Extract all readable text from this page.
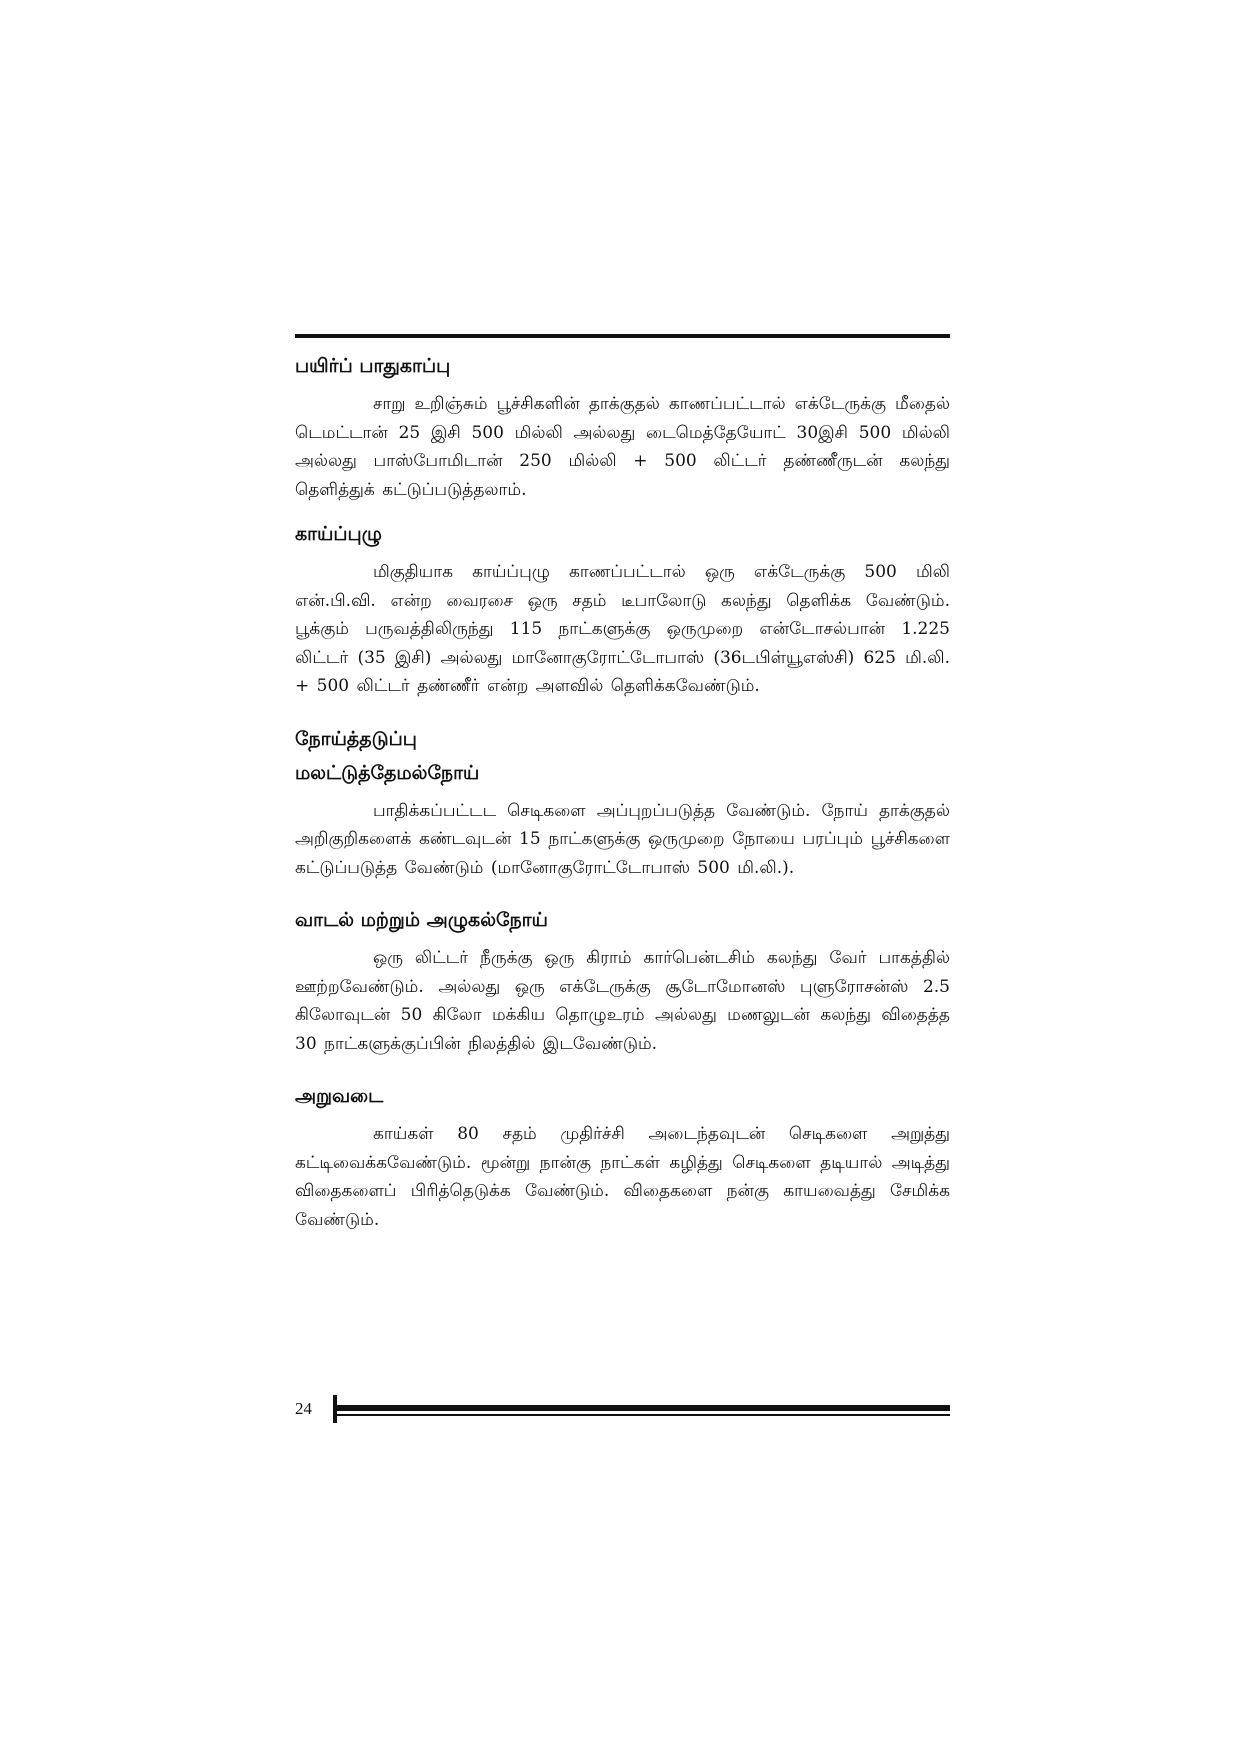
பயிர்ப் பாதுகாப்பு

சாறு உறிஞ்சும் பூச்சிகளின் தாக்குதல் காணப்பட்டால் எக்டேருக்கு மீதைல் டெமட்டான் 25 இசி 500 மில்லி அல்லது டைமெத்தேயோட் 30இசி 500 மில்லி அல்லது பாஸ்போமிடான் 250 மில்லி + 500 லிட்டர் தண்ணீருடன் கலந்து தெளித்துக் கட்டுப்படுத்தலாம்.

காய்ப்புழு

மிகுதியாக காய்ப்புழு காணப்பட்டால் ஒரு எக்டேருக்கு 500 மிலி என்.பி.வி. என்ற வைரசை ஒரு சதம் டீபாலோடு கலந்து தெளிக்க வேண்டும். பூக்கும் பருவத்திலிருந்து 115 நாட்களுக்கு ஒருமுறை என்டோசல்பான் 1.225 லிட்டர் (35 இசி) அல்லது மானோகுரோட்டோபாஸ் (36டபிள்யூஎஸ்சி) 625 மி.லி. + 500 லிட்டர் தண்ணீர் என்ற அளவில் தெளிக்கவேண்டும்.

நோய்த்தடுப்பு
மலட்டுத்தேமல்நோய்

பாதிக்கப்பட்டட செடிகளை அப்புறப்படுத்த வேண்டும். நோய் தாக்குதல் அறிகுறிகளைக் கண்டவுடன் 15 நாட்களுக்கு ஒருமுறை நோயை பரப்பும் பூச்சிகளை கட்டுப்படுத்த வேண்டும் (மானோகுரோட்டோபாஸ் 500 மி.லி.).

வாடல் மற்றும் அழுகல்நோய்

ஒரு லிட்டர் நீருக்கு ஒரு கிராம் கார்பென்டசிம் கலந்து வேர் பாகத்தில் ஊற்றவேண்டும். அல்லது ஒரு எக்டேருக்கு சூடோமோனஸ் புளுரோசன்ஸ் 2.5 கிலோவுடன் 50 கிலோ மக்கிய தொழுஉரம் அல்லது மணலுடன் கலந்து விதைத்த 30 நாட்களுக்குப்பின் நிலத்தில் இடவேண்டும்.

அறுவடை

காய்கள் 80 சதம் முதிர்ச்சி அடைந்தவுடன் செடிகளை அறுத்து கட்டிவைக்கவேண்டும். மூன்று நான்கு நாட்கள் கழித்து செடிகளை தடியால் அடித்து விதைகளைப் பிரித்தெடுக்க வேண்டும். விதைகளை நன்கு காயவைத்து சேமிக்க வேண்டும்.

24
